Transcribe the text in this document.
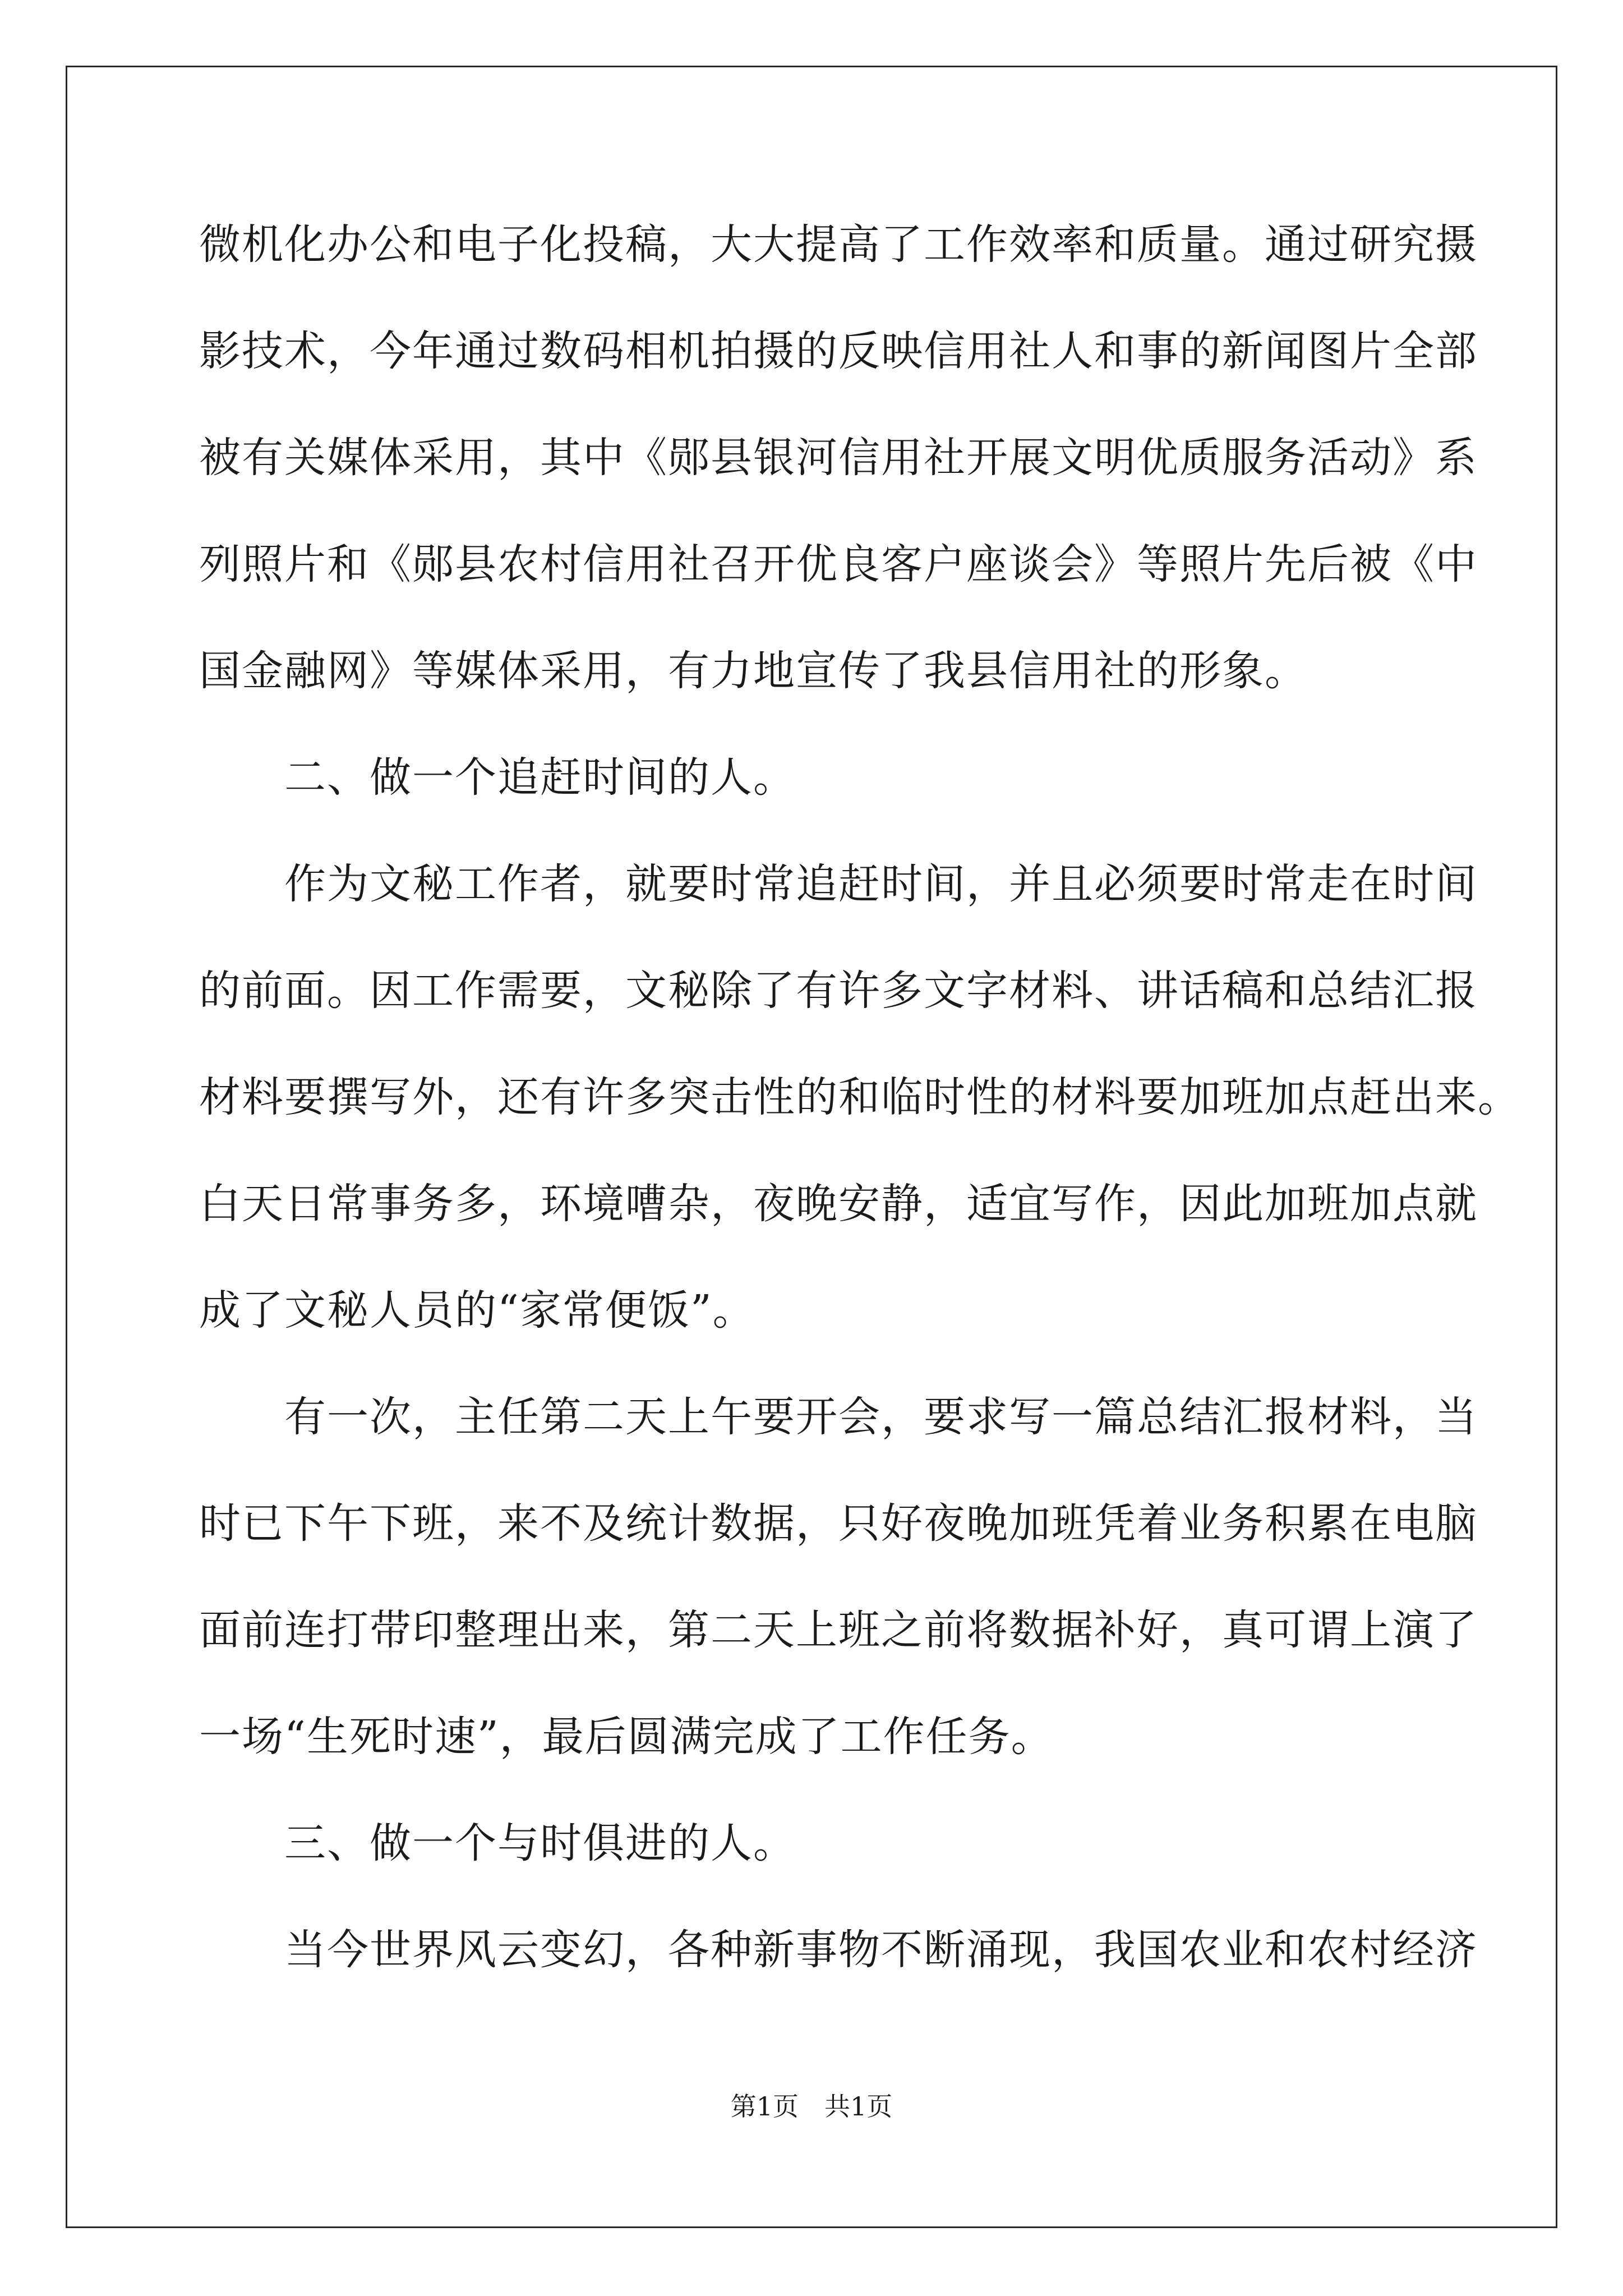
微机化办公和电子化投稿，大大提高了工作效率和质量。通过研究摄

影技术，今年通过数码相机拍摄的反映信用社人和事的新闻图片全部

被有关媒体采用，其中《郧县银河信用社开展文明优质服务活动》系

列照片和《郧县农村信用社召开优良客户座谈会》等照片先后被《中

国金融网》等媒体采用，有力地宣传了我县信用社的形象。

　　二、做一个追赶时间的人。

　　作为文秘工作者，就要时常追赶时间，并且必须要时常走在时间

的前面。因工作需要，文秘除了有许多文字材料、讲话稿和总结汇报

材料要撰写外，还有许多突击性的和临时性的材料要加班加点赶出来。

白天日常事务多，环境嘈杂，夜晚安静，适宜写作，因此加班加点就

成了文秘人员的“家常便饭”。

　　有一次，主任第二天上午要开会，要求写一篇总结汇报材料，当

时已下午下班，来不及统计数据，只好夜晚加班凭着业务积累在电脑

面前连打带印整理出来，第二天上班之前将数据补好，真可谓上演了

一场“生死时速”，最后圆满完成了工作任务。

　　三、做一个与时俱进的人。

　　当今世界风云变幻，各种新事物不断涌现，我国农业和农村经济

第1页　共1页
